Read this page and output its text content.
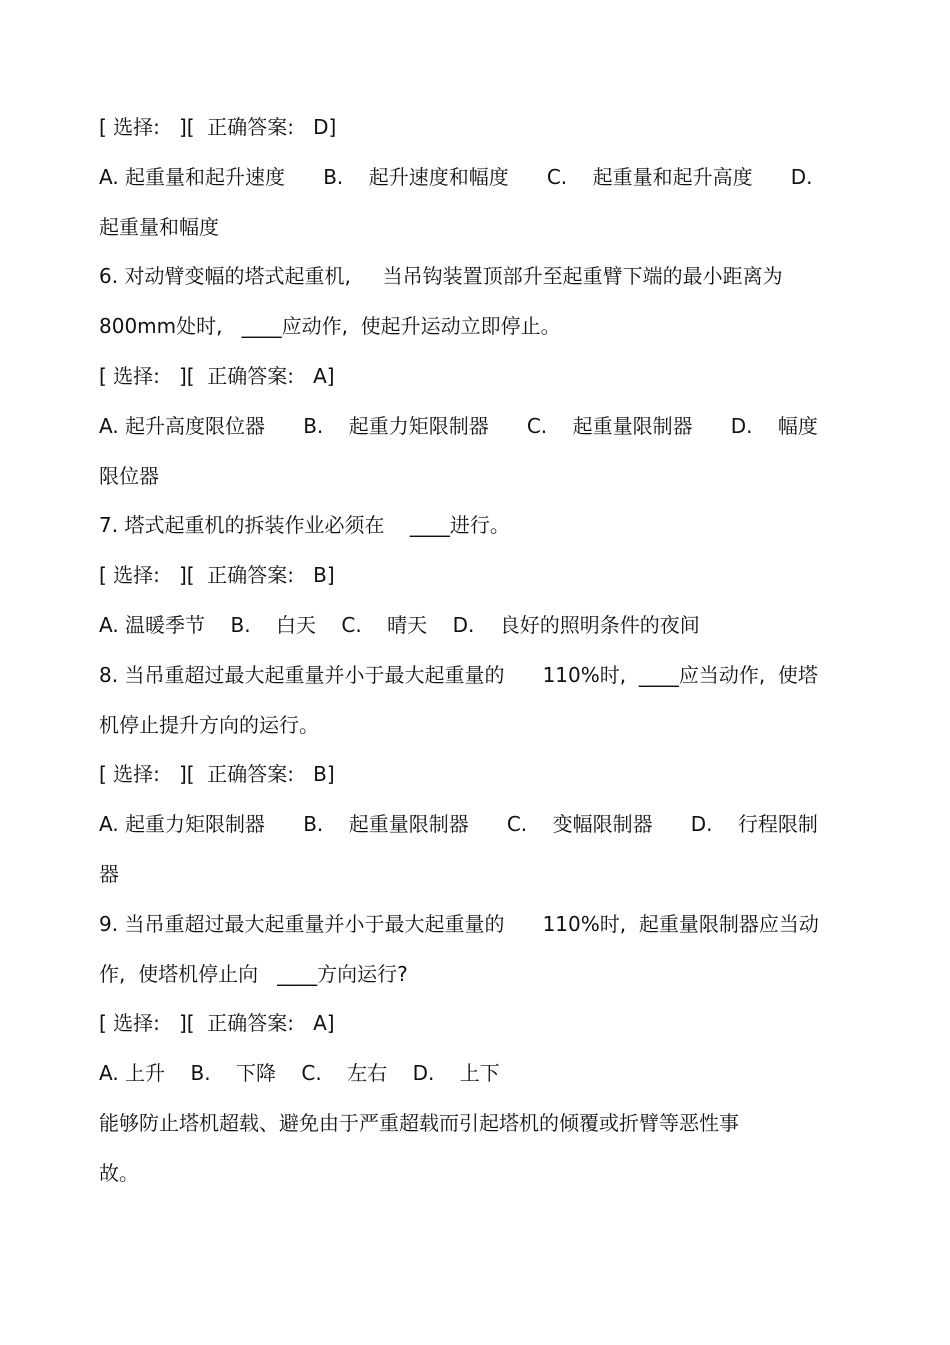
[ 选择:   ][  正确答案:   D]
A. 起重量和起升速度      B.    起升速度和幅度      C.    起重量和起升高度      D.
起重量和幅度
6. 对动臂变幅的塔式起重机,     当吊钩装置顶部升至起重臂下端的最小距离为
800mm处时,   ____应动作,  使起升运动立即停止。
[ 选择:   ][  正确答案:   A]
A. 起升高度限位器      B.    起重力矩限制器      C.    起重量限制器      D.    幅度
限位器
7. 塔式起重机的拆装作业必须在    ____进行。
[ 选择:   ][  正确答案:   B]
A. 温暖季节    B.    白天    C.    晴天    D.    良好的照明条件的夜间
8. 当吊重超过最大起重量并小于最大起重量的      110%时,  ____应当动作,  使塔
机停止提升方向的运行。
[ 选择:   ][  正确答案:   B]
A. 起重力矩限制器      B.    起重量限制器      C.    变幅限制器      D.    行程限制
器
9. 当吊重超过最大起重量并小于最大起重量的      110%时,  起重量限制器应当动
作,  使塔机停止向   ____方向运行?
[ 选择:   ][  正确答案:   A]
A. 上升    B.    下降    C.    左右    D.    上下
能够防止塔机超载、避免由于严重超载而引起塔机的倾覆或折臂等恶性事
故。
